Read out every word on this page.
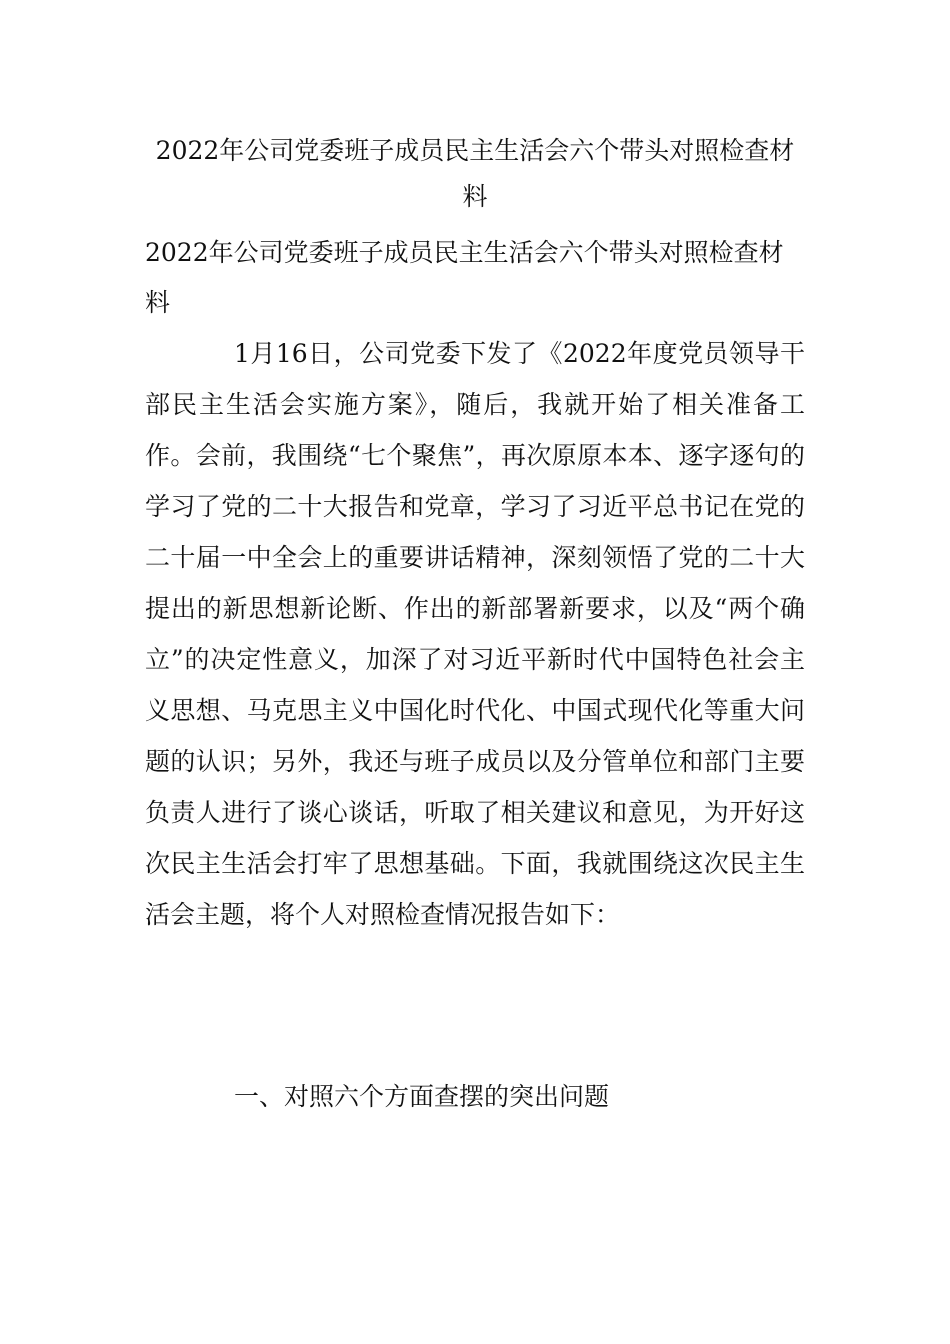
2022年公司党委班子成员民主生活会六个带头对照检查材料
2022年公司党委班子成员民主生活会六个带头对照检查材料

1月16日，公司党委下发了《2022年度党员领导干部民主生活会实施方案》，随后，我就开始了相关准备工作。会前，我围绕“七个聚焦”，再次原原本本、逐字逐句的学习了党的二十大报告和党章，学习了习近平总书记在党的二十届一中全会上的重要讲话精神，深刻领悟了党的二十大提出的新思想新论断、作出的新部署新要求，以及“两个确立”的决定性意义，加深了对习近平新时代中国特色社会主义思想、马克思主义中国化时代化、中国式现代化等重大问题的认识；另外，我还与班子成员以及分管单位和部门主要负责人进行了谈心谈话，听取了相关建议和意见，为开好这次民主生活会打牢了思想基础。下面，我就围绕这次民主生活会主题，将个人对照检查情况报告如下：

一、对照六个方面查摆的突出问题
